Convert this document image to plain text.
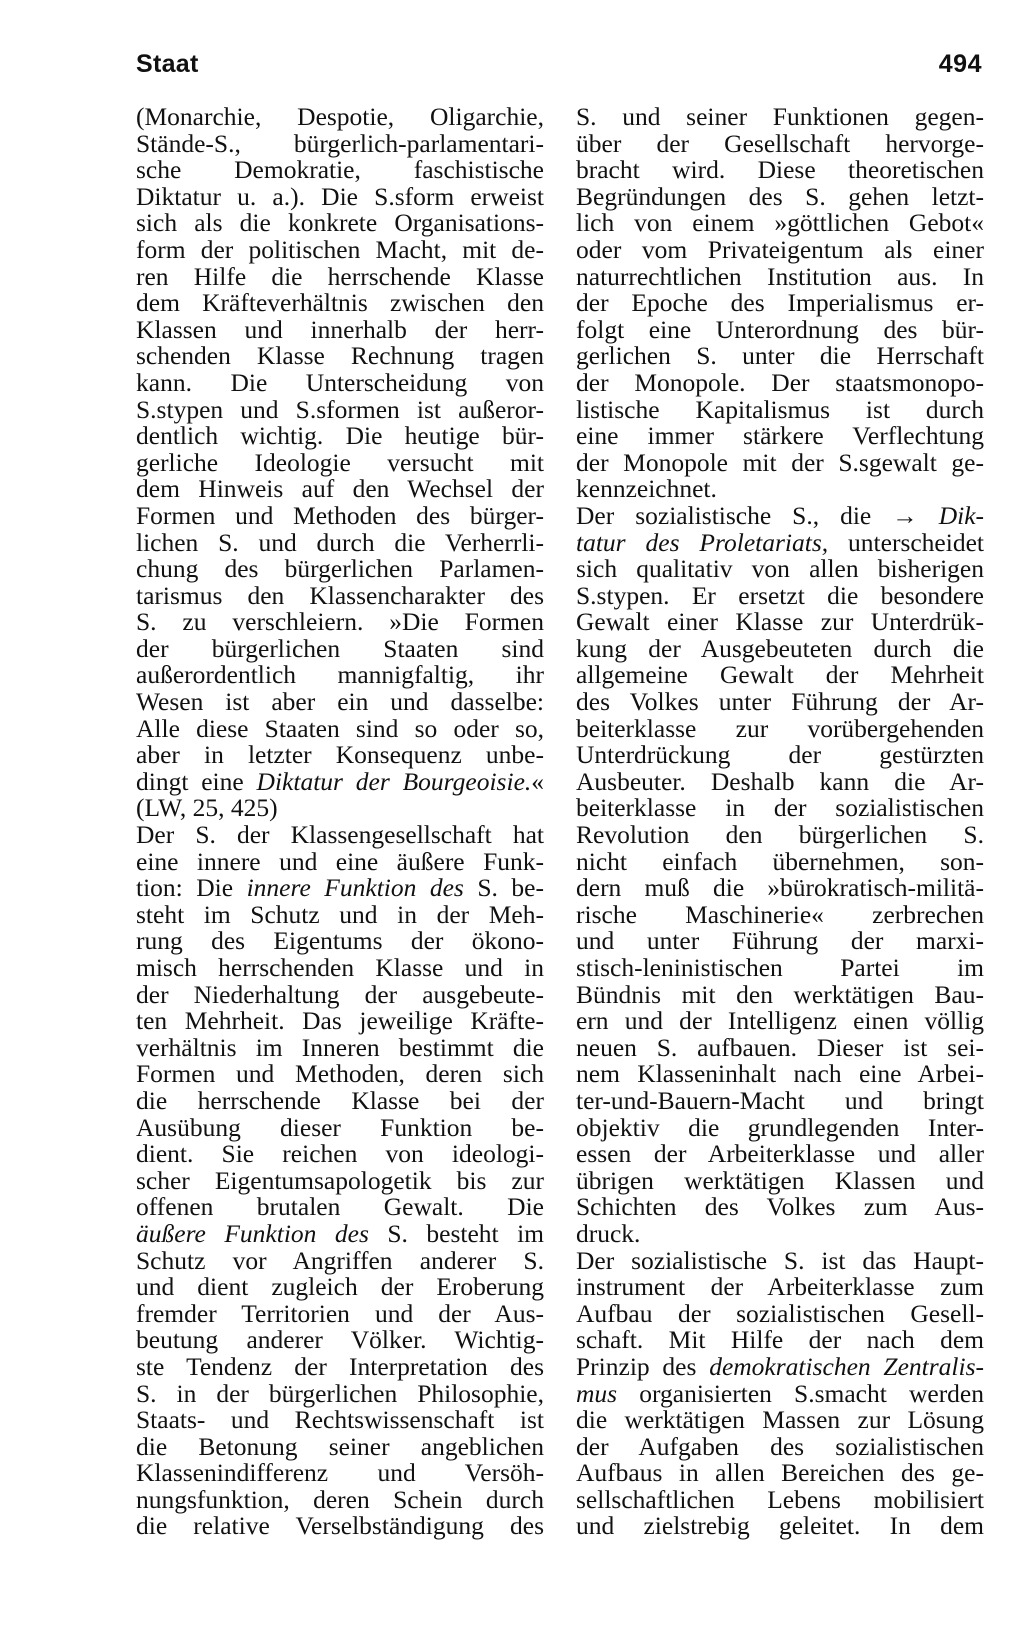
Staat	494
(Monarchie, Despotie, Oligarchie,
Stände-S., bürgerlich-parlamentari-
sche Demokratie, faschistische
Diktatur u. a.). Die S.sform erweist
sich als die konkrete Organisations-
form der politischen Macht, mit de-
ren Hilfe die herrschende Klasse
dem Kräfteverhältnis zwischen den
Klassen und innerhalb der herr-
schenden Klasse Rechnung tragen
kann. Die Unterscheidung von
S.stypen und S.sformen ist außeror-
dentlich wichtig. Die heutige bür-
gerliche Ideologie versucht mit
dem Hinweis auf den Wechsel der
Formen und Methoden des bürger-
lichen S. und durch die Verherrli-
chung des bürgerlichen Parlamen-
tarismus den Klassencharakter des
S. zu verschleiern. »Die Formen
der bürgerlichen Staaten sind
außerordentlich mannigfaltig, ihr
Wesen ist aber ein und dasselbe:
Alle diese Staaten sind so oder so,
aber in letzter Konsequenz unbe-
dingt eine Diktatur der Bourgeoisie.«
(LW, 25, 425)
Der S. der Klassengesellschaft hat
eine innere und eine äußere Funk-
tion: Die innere Funktion des S. be-
steht im Schutz und in der Meh-
rung des Eigentums der ökono-
misch herrschenden Klasse und in
der Niederhaltung der ausgebeute-
ten Mehrheit. Das jeweilige Kräfte-
verhältnis im Inneren bestimmt die
Formen und Methoden, deren sich
die herrschende Klasse bei der
Ausübung dieser Funktion be-
dient. Sie reichen von ideologi-
scher Eigentumsapologetik bis zur
offenen brutalen Gewalt. Die
äußere Funktion des S. besteht im
Schutz vor Angriffen anderer S.
und dient zugleich der Eroberung
fremder Territorien und der Aus-
beutung anderer Völker. Wichtig-
ste Tendenz der Interpretation des
S. in der bürgerlichen Philosophie,
Staats- und Rechtswissenschaft ist
die Betonung seiner angeblichen
Klassenindifferenz und Versöh-
nungsfunktion, deren Schein durch
die relative Verselbständigung des
S. und seiner Funktionen gegen-
über der Gesellschaft hervorge-
bracht wird. Diese theoretischen
Begründungen des S. gehen letzt-
lich von einem »göttlichen Gebot«
oder vom Privateigentum als einer
naturrechtlichen Institution aus. In
der Epoche des Imperialismus er-
folgt eine Unterordnung des bür-
gerlichen S. unter die Herrschaft
der Monopole. Der staatsmonopo-
listische Kapitalismus ist durch
eine immer stärkere Verflechtung
der Monopole mit der S.sgewalt ge-
kennzeichnet.
Der sozialistische S., die → Dik-
tatur des Proletariats, unterscheidet
sich qualitativ von allen bisherigen
S.stypen. Er ersetzt die besondere
Gewalt einer Klasse zur Unterdrük-
kung der Ausgebeuteten durch die
allgemeine Gewalt der Mehrheit
des Volkes unter Führung der Ar-
beiterklasse zur vorübergehenden
Unterdrückung der gestürzten
Ausbeuter. Deshalb kann die Ar-
beiterklasse in der sozialistischen
Revolution den bürgerlichen S.
nicht einfach übernehmen, son-
dern muß die »bürokratisch-militä-
rische Maschinerie« zerbrechen
und unter Führung der marxi-
stisch-leninistischen Partei im
Bündnis mit den werktätigen Bau-
ern und der Intelligenz einen völlig
neuen S. aufbauen. Dieser ist sei-
nem Klasseninhalt nach eine Arbei-
ter-und-Bauern-Macht und bringt
objektiv die grundlegenden Inter-
essen der Arbeiterklasse und aller
übrigen werktätigen Klassen und
Schichten des Volkes zum Aus-
druck.
Der sozialistische S. ist das Haupt-
instrument der Arbeiterklasse zum
Aufbau der sozialistischen Gesell-
schaft. Mit Hilfe der nach dem
Prinzip des demokratischen Zentralis-
mus organisierten S.smacht werden
die werktätigen Massen zur Lösung
der Aufgaben des sozialistischen
Aufbaus in allen Bereichen des ge-
sellschaftlichen Lebens mobilisiert
und zielstrebig geleitet. In dem
